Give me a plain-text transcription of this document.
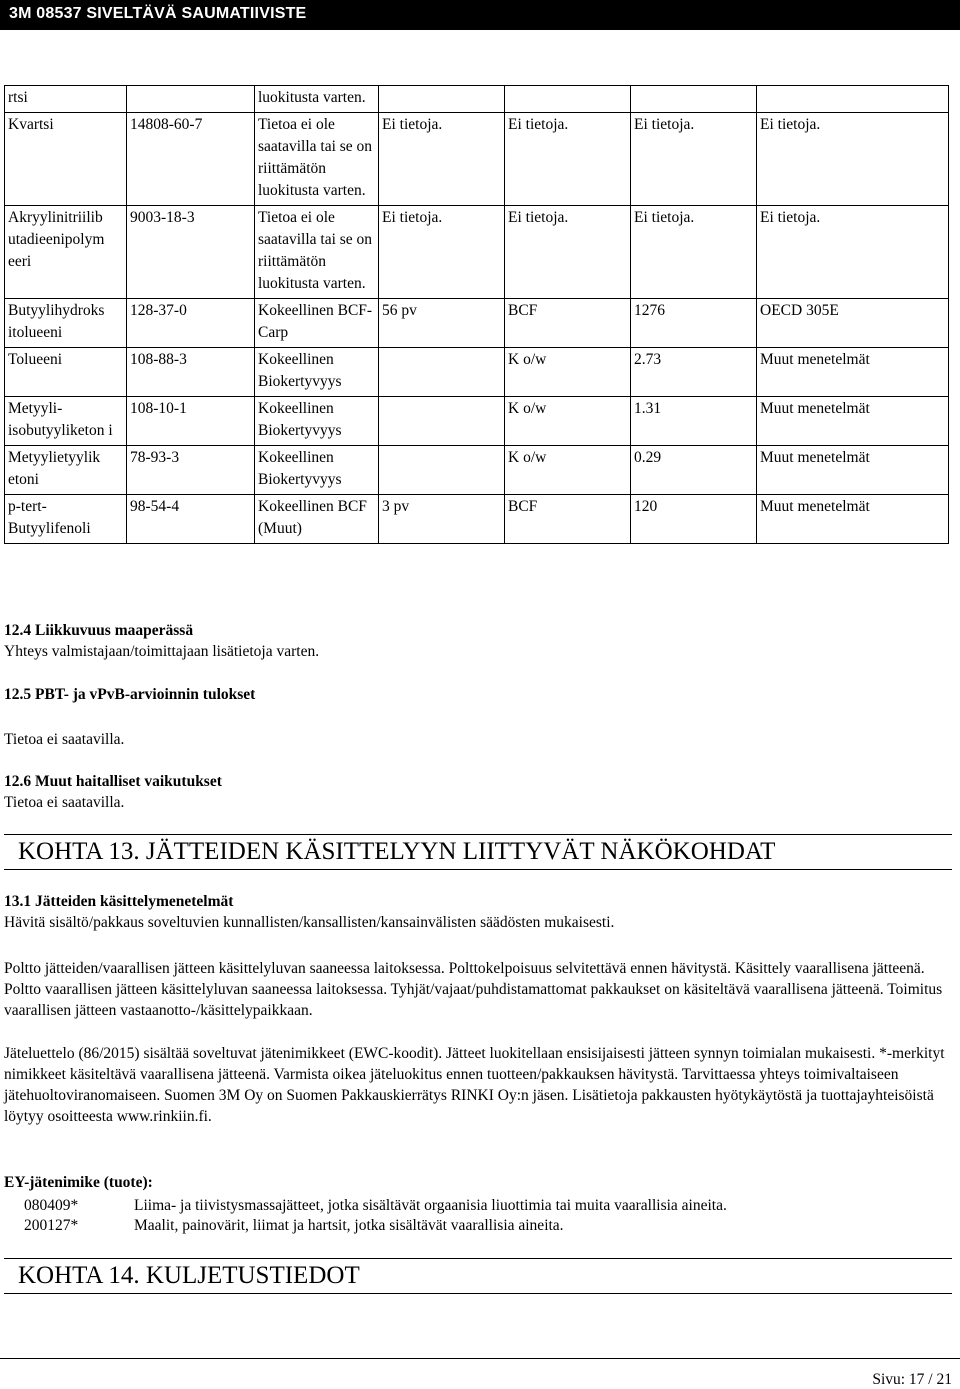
3M 08537 SIVELTÄVÄ SAUMATIIVISTE
rtsi		luokitusta varten.				
Kvartsi	14808-60-7	Tietoa ei ole saatavilla tai se on riittämätön luokitusta varten.	Ei tietoja.	Ei tietoja.	Ei tietoja.	Ei tietoja.
Akryylinitriilib utadieenipolym eeri	9003-18-3	Tietoa ei ole saatavilla tai se on riittämätön luokitusta varten.	Ei tietoja.	Ei tietoja.	Ei tietoja.	Ei tietoja.
Butyylihydroks itolueeni	128-37-0	Kokeellinen BCF-Carp	56 pv	BCF	1276	OECD 305E
Tolueeni	108-88-3	Kokeellinen Biokertyvyys		K o/w	2.73	Muut menetelmät
Metyyli-isobutyyliketon i	108-10-1	Kokeellinen Biokertyvyys		K o/w	1.31	Muut menetelmät
Metyylietyylik etoni	78-93-3	Kokeellinen Biokertyvyys		K o/w	0.29	Muut menetelmät
p-tert-Butyylifenoli	98-54-4	Kokeellinen BCF (Muut)	3 pv	BCF	120	Muut menetelmät
12.4 Liikkuvuus maaperässä
Yhteys valmistajaan/toimittajaan lisätietoja varten.
12.5 PBT- ja vPvB-arvioinnin tulokset
Tietoa ei saatavilla.
12.6 Muut haitalliset vaikutukset
Tietoa ei saatavilla.
KOHTA 13. JÄTTEIDEN KÄSITTELYYN LIITTYVÄT NÄKÖKOHDAT
13.1 Jätteiden käsittelymenetelmät
Hävitä sisältö/pakkaus soveltuvien kunnallisten/kansallisten/kansainvälisten säädösten mukaisesti.
Poltto jätteiden/vaarallisen jätteen käsittelyluvan saaneessa laitoksessa. Polttokelpoisuus selvitettävä ennen hävitystä. Käsittely vaarallisena jätteenä. Poltto vaarallisen jätteen käsittelyluvan saaneessa laitoksessa. Tyhjät/vajaat/puhdistamattomat pakkaukset on käsiteltävä vaarallisena jätteenä. Toimitus vaarallisen jätteen vastaanotto-/käsittelypaikkaan.
Jäteluettelo (86/2015) sisältää soveltuvat jätenimikkeet (EWC-koodit). Jätteet luokitellaan ensisijaisesti jätteen synnyn toimialan mukaisesti. *-merkityt nimikkeet käsiteltävä vaarallisena jätteenä. Varmista oikea jäteluokitus ennen tuotteen/pakkauksen hävitystä. Tarvittaessa yhteys toimivaltaiseen jätehuoltoviranomaiseen. Suomen 3M Oy on Suomen Pakkauskierrätys RINKI Oy:n jäsen. Lisätietoja pakkausten hyötykäytöstä ja tuottajayhteisöistä löytyy osoitteesta www.rinkiin.fi.
EY-jätenimike (tuote):
080409*	Liima- ja tiivistysmassajätteet, jotka sisältävät orgaanisia liuottimia tai muita vaarallisia aineita.
200127*	Maalit, painovärit, liimat ja hartsit, jotka sisältävät vaarallisia aineita.
KOHTA 14. KULJETUSTIEDOT
Sivu: 17 / 21
